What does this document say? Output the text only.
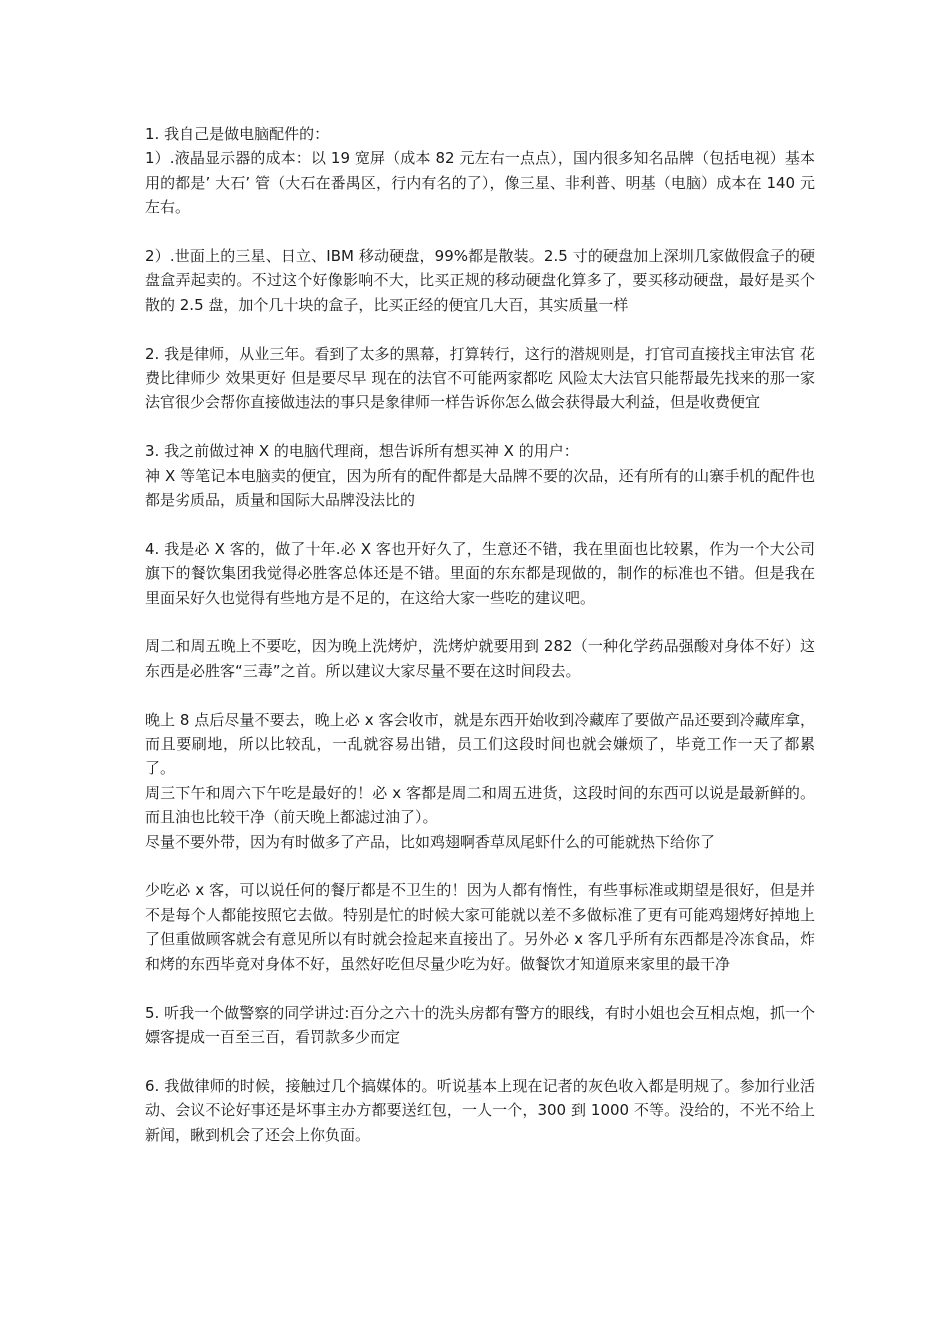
1. 我自己是做电脑配件的：

1）.液晶显示器的成本：以 19 宽屏（成本 82 元左右一点点），国内很多知名品牌（包括电视）基本用的都是’ 大石’ 管（大石在番禺区，行内有名的了），像三星、非利普、明基（电脑）成本在 140 元左右。

2）.世面上的三星、日立、IBM 移动硬盘，99%都是散装。2.5 寸的硬盘加上深圳几家做假盒子的硬盘盒弄起卖的。不过这个好像影响不大，比买正规的移动硬盘化算多了，要买移动硬盘，最好是买个散的 2.5 盘，加个几十块的盒子，比买正经的便宜几大百，其实质量一样

2. 我是律师，从业三年。看到了太多的黑幕，打算转行，这行的潜规则是，打官司直接找主审法官 花费比律师少 效果更好 但是要尽早 现在的法官不可能两家都吃 风险太大法官只能帮最先找来的那一家 法官很少会帮你直接做违法的事只是象律师一样告诉你怎么做会获得最大利益，但是收费便宜

3. 我之前做过神 X 的电脑代理商，想告诉所有想买神 X 的用户：

神 X 等笔记本电脑卖的便宜，因为所有的配件都是大品牌不要的次品，还有所有的山寨手机的配件也都是劣质品，质量和国际大品牌没法比的

4. 我是必 X 客的，做了十年.必 X 客也开好久了，生意还不错，我在里面也比较累，作为一个大公司旗下的餐饮集团我觉得必胜客总体还是不错。里面的东东都是现做的，制作的标准也不错。但是我在里面呆好久也觉得有些地方是不足的，在这给大家一些吃的建议吧。

周二和周五晚上不要吃，因为晚上洗烤炉，洗烤炉就要用到 282（一种化学药品强酸对身体不好）这东西是必胜客“三毒”之首。所以建议大家尽量不要在这时间段去。

晚上 8 点后尽量不要去，晚上必 x 客会收市，就是东西开始收到冷藏库了要做产品还要到冷藏库拿，而且要刷地，所以比较乱，一乱就容易出错，员工们这段时间也就会嫌烦了，毕竟工作一天了都累了。

周三下午和周六下午吃是最好的！必 x 客都是周二和周五进货，这段时间的东西可以说是最新鲜的。而且油也比较干净（前天晚上都滤过油了）。

尽量不要外带，因为有时做多了产品，比如鸡翅啊香草凤尾虾什么的可能就热下给你了

少吃必 x 客，可以说任何的餐厅都是不卫生的！因为人都有惰性，有些事标准或期望是很好，但是并不是每个人都能按照它去做。特别是忙的时候大家可能就以差不多做标准了更有可能鸡翅烤好掉地上了但重做顾客就会有意见所以有时就会捡起来直接出了。另外必 x 客几乎所有东西都是冷冻食品，炸和烤的东西毕竟对身体不好，虽然好吃但尽量少吃为好。做餐饮才知道原来家里的最干净

5. 听我一个做警察的同学讲过:百分之六十的洗头房都有警方的眼线，有时小姐也会互相点炮，抓一个嫖客提成一百至三百，看罚款多少而定

6. 我做律师的时候，接触过几个搞媒体的。听说基本上现在记者的灰色收入都是明规了。参加行业活动、会议不论好事还是坏事主办方都要送红包，一人一个，300 到 1000 不等。没给的，不光不给上新闻，瞅到机会了还会上你负面。
